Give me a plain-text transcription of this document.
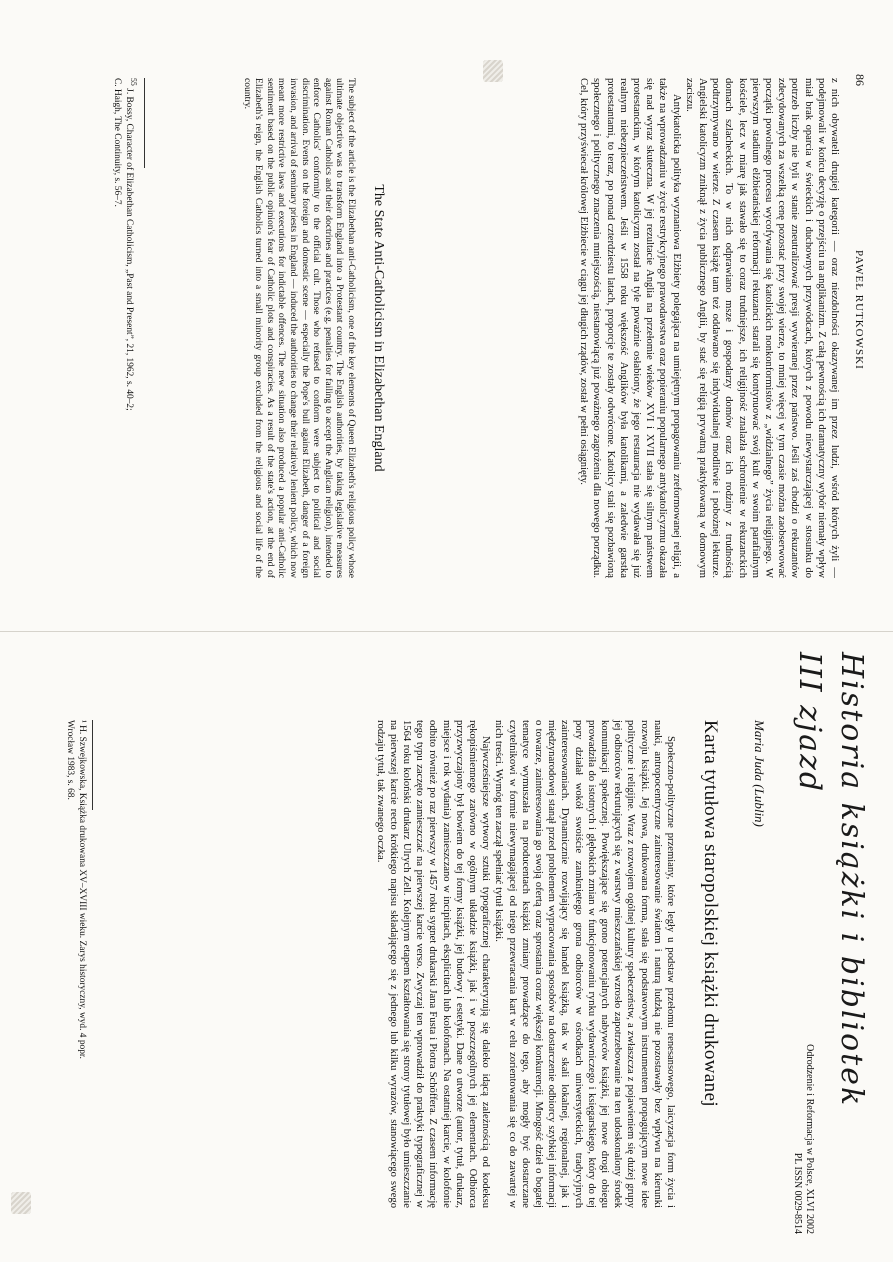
86
PAWEŁ RUTKOWSKI

z nich obywateli drugiej kategorii — oraz niezdolności okazywanej im przez ludzi, wśród których żyli — podejmowali w końcu decyzję o przejściu na anglikanizm. Z całą pewnością ich dramatyczny wybór niemały wpływ miał brak oparcia w świeckich i duchownych przywódcach, których z powodu niewystarczającej w stosunku do potrzeb liczby nie byli w stanie zneutralizować presji wywieranej przez państwo. Jeśli zaś chodzi o rekuzantów zdecydowanych za wszelką cenę pozostać przy swojej wierze, to mniej więcej w tym czasie można zaobserwować początki powolnego procesu wycofywania się katolickich nonkonformistów z „widzialnego” życia religijnego. W pierwszym stadium elżbietańskiej reformacji rekuzanci starali się kontynuować swój kult w swoim parafialnym kościele, lecz w miarę jak stawało się to coraz trudniejsze, ich religijność znalazła schronienie w rekuzanckich domach szlacheckich. To w nich odprawiano msze i gospodarzy domów oraz ich rodziny z trudnością podtrzymywano w wierze. Z czasem książę tam też oddawano się indywidualnej modlitwie i pobożnej lekturze. Angielski katolicyzm zniknął z życia publicznego Anglii, by stać się religią prywatną praktykowaną w domowym zaciszu.

Antykatolicka polityka wyznaniowa Elżbiety polegająca na umiejętnym propagowaniu zreformowanej religii, a także na wprowadzaniu w życie restrykcyjnego prawodawstwa oraz popieraniu popularnego antykatolicyzmu okazała się nad wyraz skuteczna. W jej rezultacie Anglia na przełomie wieków XVI i XVII stała się silnym państwem protestanckim, w którym katolicyzm został na tyle poważnie osłabiony, że jego restauracja nie wydawała się już realnym niebezpieczeństwem. Jeśli w 1558 roku większość Anglików była katolikami, a zaledwie garstka protestantami, to teraz, po ponad czterdziestu latach, proporcje te zostały odwrócone. Katolicy stali się pozbawioną społecznego i politycznego znaczenia mniejszością, niestanowiącą już poważnego zagrożenia dla nowego porządku. Cel, który przyświecał królowej Elżbiecie w ciągu jej długich rządów, został w pełni osiągnięty.

The State Anti-Catholicism in Elizabethan England
The subject of the article is the Elizabethan anti-Catholicism, one of the key elements of Queen Elizabeth's religious policy whose ultimate objective was to transform England into a Protestant country. The English authorities, by taking legislative measures against Roman Catholics and their doctrines and practices (e.g. penalties for failing to accept the Anglican religion), intended to enforce Catholics' conformity to the official cult. Those who refused to conform were subject to political and social discrimination. Events on the foreign and domestic scene — especially the Pope's bull against Elizabeth, danger of a foreign invasion, and arrival of seminary priests in England — induced the authorities to change their relatively lenient policy, which now meant more restrictive laws and executions for indictable offences. The new situation also produced a popular anti-Catholic sentiment based on the public opinion's fear of Catholic plots and conspiracies. As a result of the state's action, at the end of Elizabeth's reign, the English Catholics turned into a small minority group excluded from the religious and social life of the country.
$^{55}$ J. Bossy, Character of Elizabethan Catholicism, „Past and Present”, 21, 1962, s. 40–2;
C. Haigh, The Continuity, s. 56–7.
Historia książki i bibliotek
III zjazd
Odrodzenie i Reformacja w Polsce, XLVI 2002
PL ISSN 0029-8514
Maria Juda (Lublin)
Karta tytułowa staropolskiej książki drukowanej

Społeczno-polityczne przemiany, które legły u podstaw przełomu renesansowego, laicyzacja form życia i nauki, antropocentryczne zainteresowanie światem i naturą ludzką nie pozostawały bez wpływu na kierunki rozwoju książki. Jej nowa, drukowana forma, stała się podstawowym instrumentem propagującym nowe idee polityczne i religijne. Wraz z rozwojem ogólnej kultury społeczeństw, a zwłaszcza z pojawieniem się dużej grupy jej odbiorców rekrutujących się z warstwy mieszczańskiej wzrosło zapotrzebowanie na ten udoskonalony środek komunikacji społecznej. Powiększające się grono potencjalnych nabywców książki, jej nowe drogi obiegu prowadziła do istotnych i głębokich zmian w funkcjonowaniu rynku wydawniczego i księgarskiego, który do tej pory działał wokół swoiście zamkniętego grona odbiorców w ośrodkach uniwersyteckich, tradycyjnych zainteresowaniach. Dynamicznie rozwijający się handel książką, tak w skali lokalnej, regionalnej, jak i międzynarodowej stanął przed problemem wypracowania sposobów na dostarczenie odbiorcy szybkiej informacji o towarze, zainteresowania go swoją ofertą oraz sprostania coraz większej konkurencji. Mnogość dzieł o bogatej tematyce wymuszała na producentach książki zmiany prowadzące do tego, aby mogły być dostarczane czytelnikowi w formie niewymagającej od niego przewracania kart w celu zorientowania się co do zawartej w nich treści. Wymóg ten zaczął spełniać tytuł książki.

Najwcześniejsze wytwory sztuki typograficznej charakteryzują się daleko idącą zależnością od kodeksu rękopiśmiennego zarówno w ogólnym układzie książki, jak i w poszczególnych jej elementach. Odbiorca przyzwyczajony był bowiem do tej formy książki, jej budowy i estetyki. Dane o utworze (autor, tytuł, drukarz, miejsce i rok wydania) zamieszczano w incipitach, eksplicitach lub kolofonach. Na ostatniej karcie, w kolofonie odbito również po raz pierwszy w 1457 roku sygnet drukarski Jana Fusta i Piotra Schöffera. Z czasem informację tego typu zaczęto zamieszczać na pierwszej karcie verso. Zwyczaj ten wprowadził do praktyki typograficznej w 1564 roku koloński drukarz Ulrych Zell. Kolejnym etapem kształtowania się strony tytułowej było umieszczanie na pierwszej karcie recto krótkiego napisu składającego się z jednego lub kilku wyrazów, stanowiącego swego rodzaju tytuł, tak zwanego oczka.

¹ H. Szwejkowska, Książka drukowana XV–XVIII wieku. Zarys historyczny, wyd. 4 popr.
Wrocław 1983, s. 68.
